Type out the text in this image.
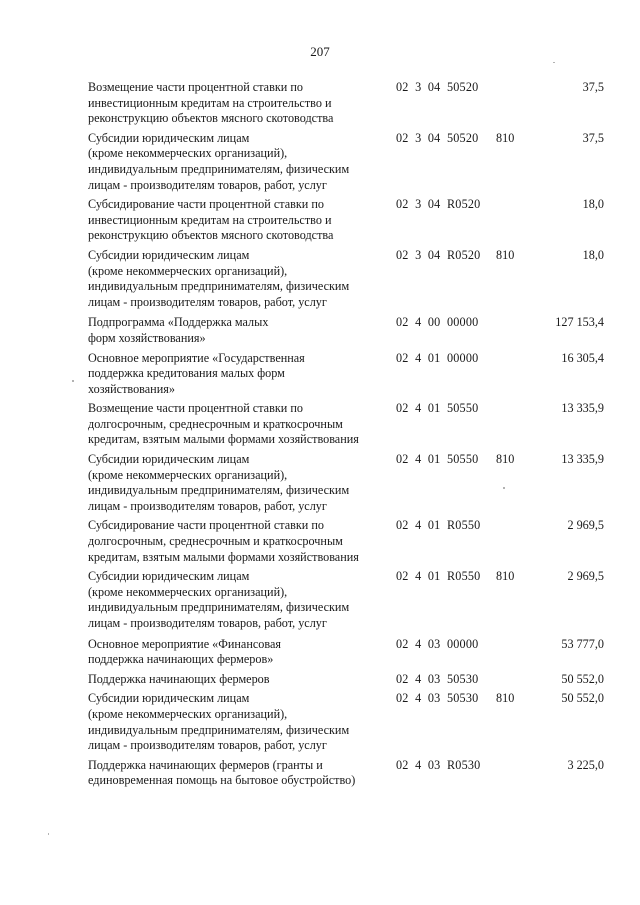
207
Возмещение части процентной ставки по
инвестиционным кредитам на строительство и
реконструкцию объектов мясного скотоводства
02  3  04  50520	37,5
Субсидии юридическим лицам
(кроме некоммерческих организаций),
индивидуальным предпринимателям, физическим
лицам - производителям товаров, работ, услуг
02  3  04  50520	810	37,5
Субсидирование части процентной ставки по
инвестиционным кредитам на строительство и
реконструкцию объектов мясного скотоводства
02  3  04  R0520	18,0
Субсидии юридическим лицам
(кроме некоммерческих организаций),
индивидуальным предпринимателям, физическим
лицам - производителям товаров, работ, услуг
02  3  04  R0520	810	18,0
Подпрограмма «Поддержка малых
форм хозяйствования»
02  4  00  00000	127 153,4
Основное мероприятие «Государственная
поддержка кредитования малых форм
хозяйствования»
02  4  01  00000	16 305,4
Возмещение части процентной ставки по
долгосрочным, среднесрочным и краткосрочным
кредитам, взятым малыми формами хозяйствования
02  4  01  50550	13 335,9
Субсидии юридическим лицам
(кроме некоммерческих организаций),
индивидуальным предпринимателям, физическим
лицам - производителям товаров, работ, услуг
02  4  01  50550	810	13 335,9
Субсидирование части процентной ставки по
долгосрочным, среднесрочным и краткосрочным
кредитам, взятым малыми формами хозяйствования
02  4  01  R0550	2 969,5
Субсидии юридическим лицам
(кроме некоммерческих организаций),
индивидуальным предпринимателям, физическим
лицам - производителям товаров, работ, услуг
02  4  01  R0550	810	2 969,5
Основное мероприятие «Финансовая
поддержка начинающих фермеров»
02  4  03  00000	53 777,0
Поддержка начинающих фермеров	02  4  03  50530	50 552,0
Субсидии юридическим лицам
(кроме некоммерческих организаций),
индивидуальным предпринимателям, физическим
лицам - производителям товаров, работ, услуг
02  4  03  50530	810	50 552,0
Поддержка начинающих фермеров (гранты и
единовременная помощь на бытовое обустройство)
02  4  03  R0530	3 225,0
